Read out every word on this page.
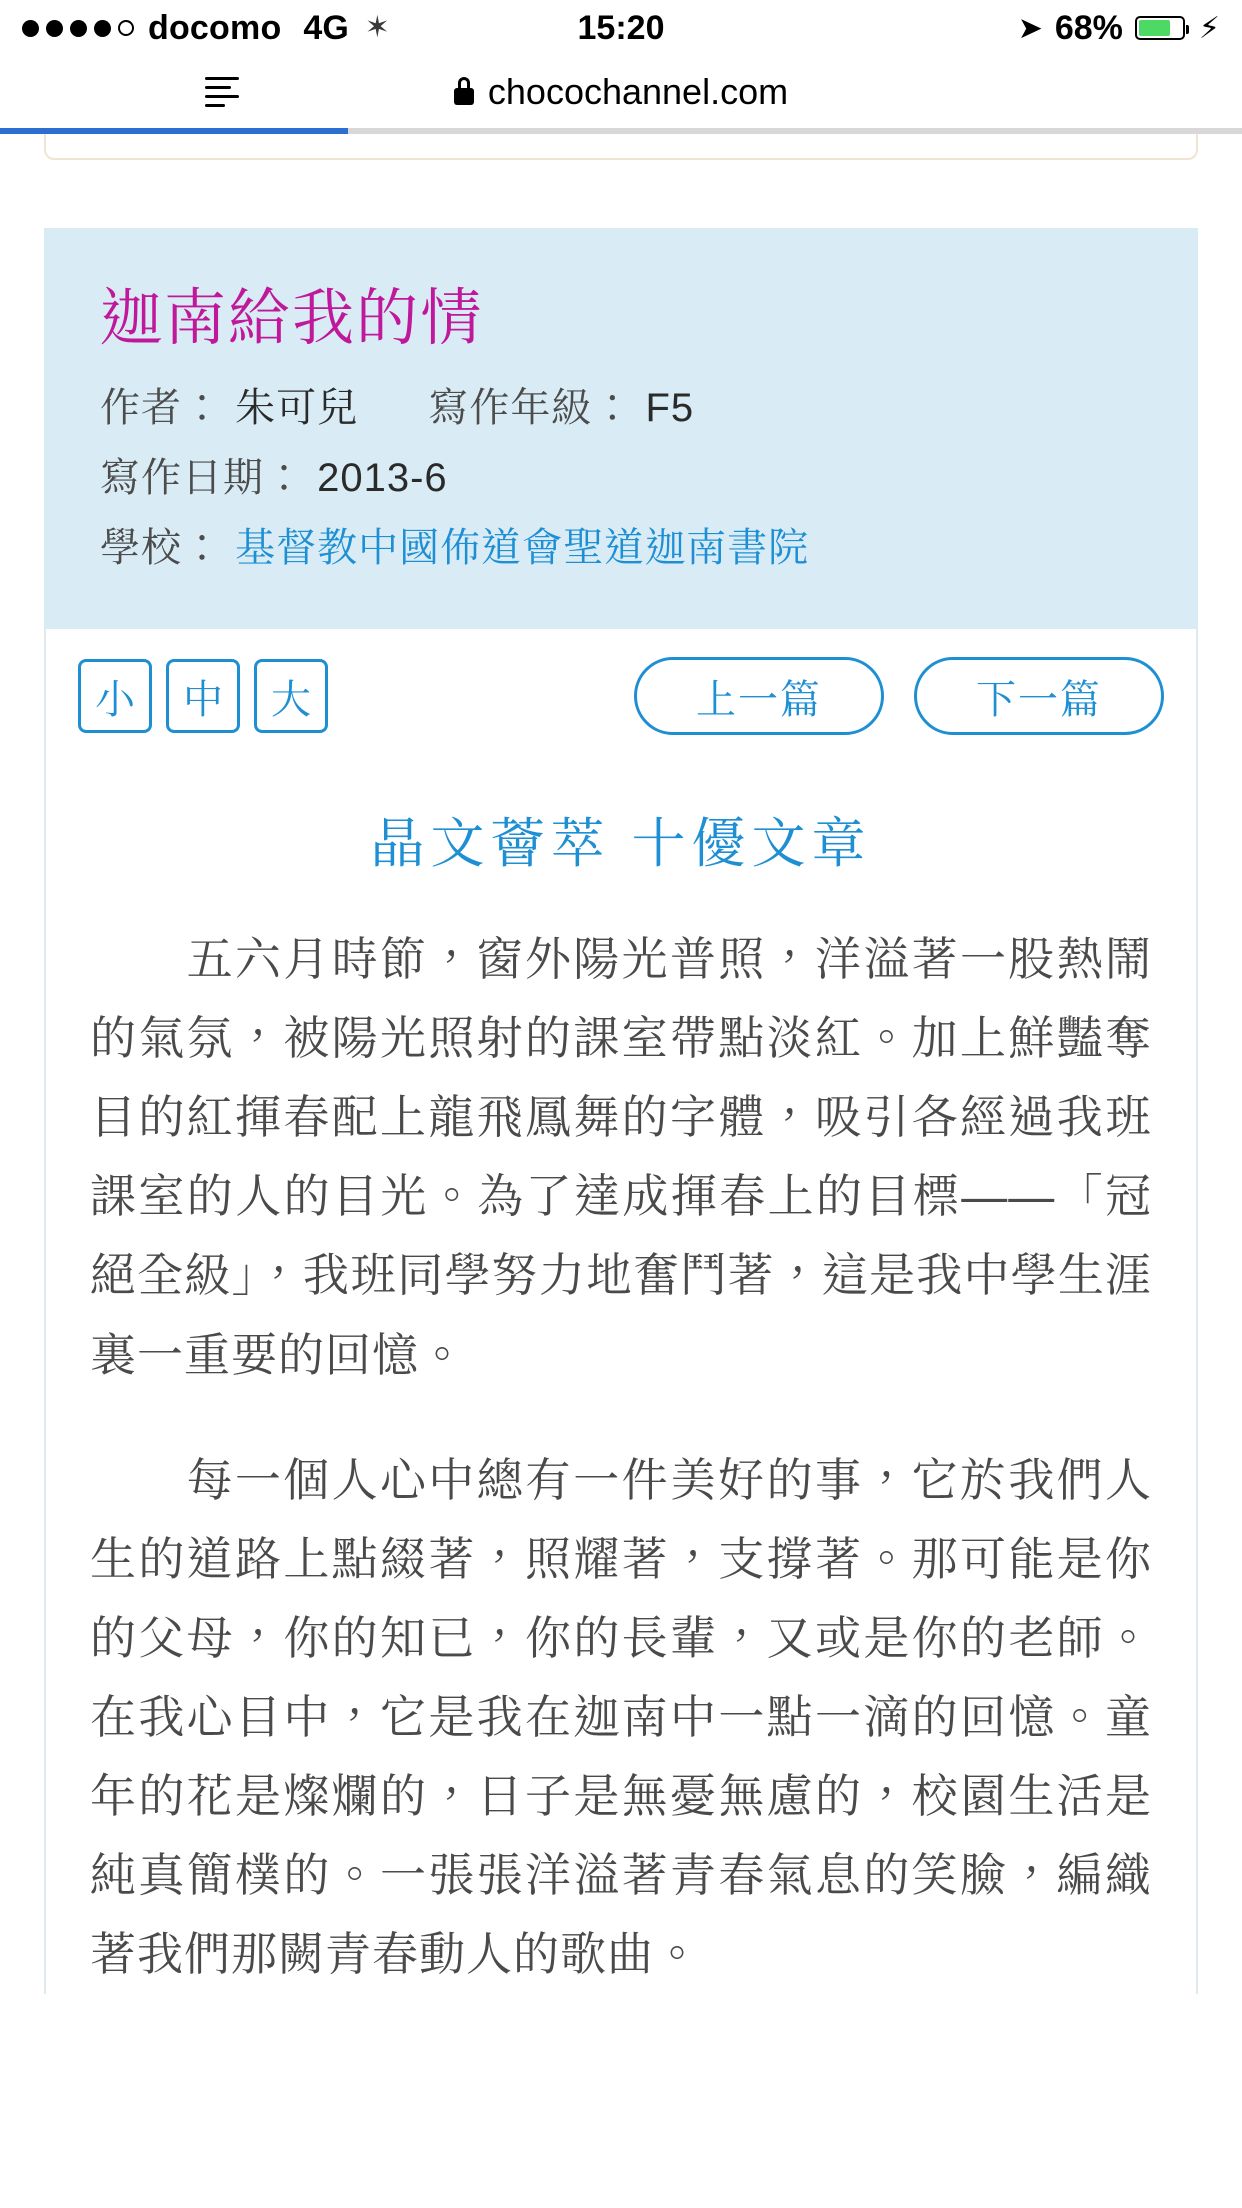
docomo 4G ✶	15:20	➤ 68%	⚡
chocochannel.com
迦南給我的情
作者： 朱可兒 寫作年級： F5
寫作日期： 2013-6
學校： 基督教中國佈道會聖道迦南書院
小	中	大	上一篇	下一篇
晶文薈萃 十優文章

五六月時節，窗外陽光普照，洋溢著一股熱鬧的氣氛，被陽光照射的課室帶點淡紅。加上鮮豔奪目的紅揮春配上龍飛鳳舞的字體，吸引各經過我班課室的人的目光。為了達成揮春上的目標——「冠絕全級」，我班同學努力地奮鬥著，這是我中學生涯裏一重要的回憶。

每一個人心中總有一件美好的事，它於我們人生的道路上點綴著，照耀著，支撐著。那可能是你的父母，你的知已，你的長輩，又或是你的老師。在我心目中，它是我在迦南中一點一滴的回憶。童年的花是燦爛的，日子是無憂無慮的，校園生活是純真簡樸的。一張張洋溢著青春氣息的笑臉，編織著我們那闕青春動人的歌曲。
